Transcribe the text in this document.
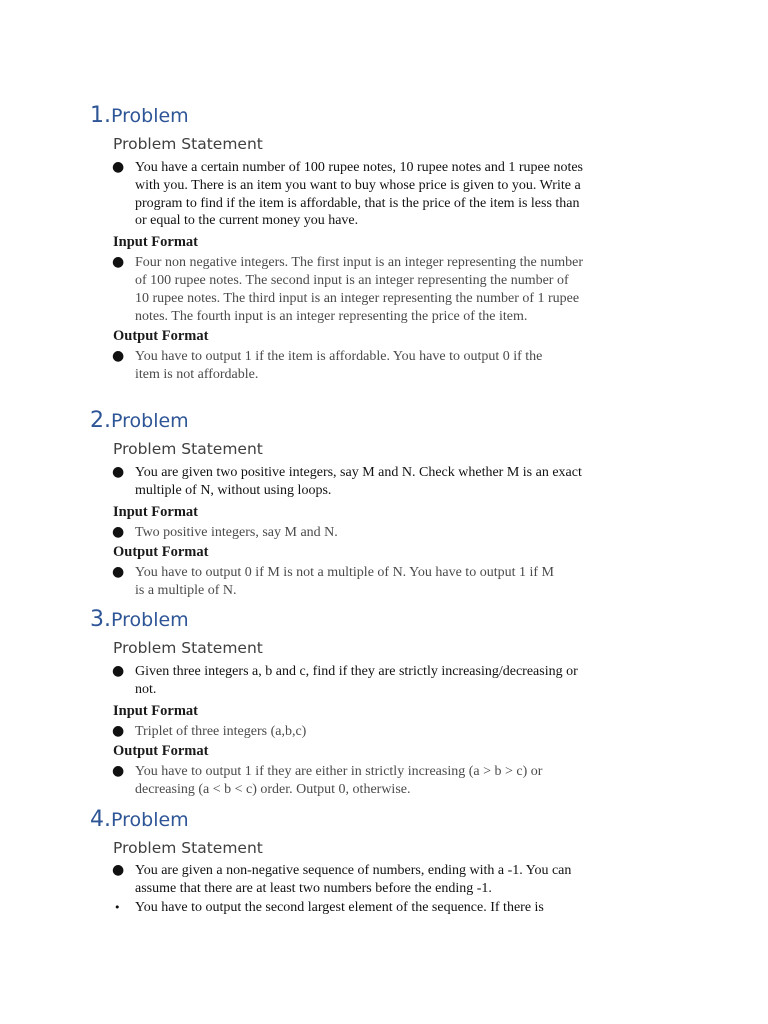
1.Problem
Problem Statement
● You have a certain number of 100 rupee notes, 10 rupee notes and 1 rupee notes with you. There is an item you want to buy whose price is given to you. Write a program to find if the item is affordable, that is the price of the item is less than or equal to the current money you have.
Input Format
● Four non negative integers. The first input is an integer representing the number of 100 rupee notes. The second input is an integer representing the number of 10 rupee notes. The third input is an integer representing the number of 1 rupee notes. The fourth input is an integer representing the price of the item.
Output Format
● You have to output 1 if the item is affordable. You have to output 0 if the item is not affordable.
2.Problem
Problem Statement
● You are given two positive integers, say M and N. Check whether M is an exact multiple of N, without using loops.
Input Format
● Two positive integers, say M and N.
Output Format
● You have to output 0 if M is not a multiple of N. You have to output 1 if M is a multiple of N.
3.Problem
Problem Statement
● Given three integers a, b and c, find if they are strictly increasing/decreasing or not.
Input Format
● Triplet of three integers (a,b,c)
Output Format
● You have to output 1 if they are either in strictly increasing (a > b > c) or decreasing (a < b < c) order. Output 0, otherwise.
4.Problem
Problem Statement
● You are given a non-negative sequence of numbers, ending with a -1. You can assume that there are at least two numbers before the ending -1.
• You have to output the second largest element of the sequence. If there is
